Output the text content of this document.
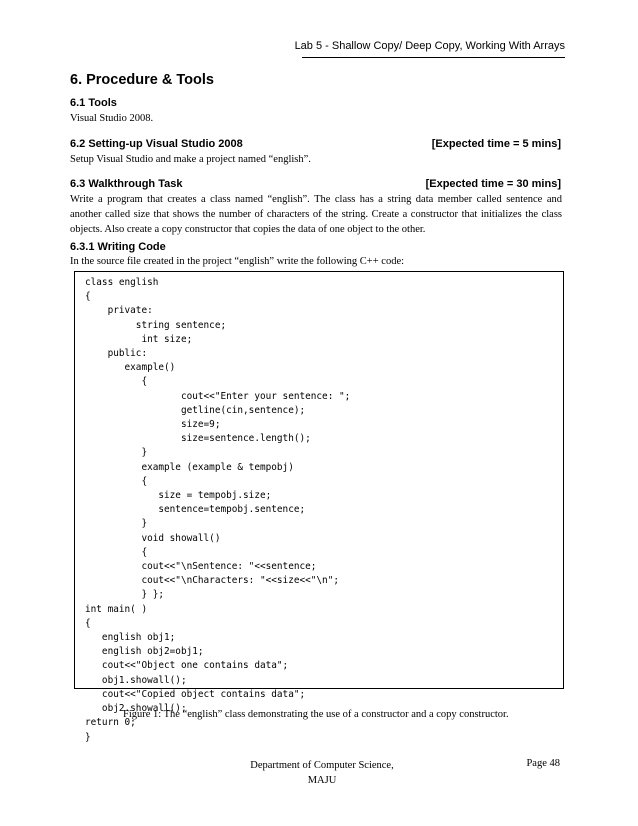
Lab 5 - Shallow Copy/ Deep Copy, Working With Arrays
6. Procedure & Tools
6.1 Tools
Visual Studio 2008.
6.2 Setting-up Visual Studio 2008	[Expected time = 5 mins]
Setup Visual Studio and make a project named “english”.
6.3 Walkthrough Task	[Expected time = 30 mins]
Write a program that creates a class named “english”. The class has a string data member called sentence and another called size that shows the number of characters of the string. Create a constructor that initializes the class objects. Also create a copy constructor that copies the data of one object to the other.
6.3.1 Writing Code
In the source file created in the project “english” write the following C++ code:
class english
{
private:
string sentence;
int size;
public:
example()
{
cout<<"Enter your sentence: ";
getline(cin,sentence);
size=9;
size=sentence.length();
}
example (example & tempobj)
{
size = tempobj.size;
sentence=tempobj.sentence;
}
void showall()
{
cout<<"\nSentence: "<<sentence;
cout<<"\nCharacters: "<<size<<"\n";
} };
int main( )
{
english obj1;
english obj2=obj1;
cout<<"Object one contains data";
obj1.showall();
cout<<"Copied object contains data";
obj2.showall();
return 0;
}
Figure 1: The “english” class demonstrating the use of a constructor and a copy constructor.
Department of Computer Science,
MAJU
Page 48
